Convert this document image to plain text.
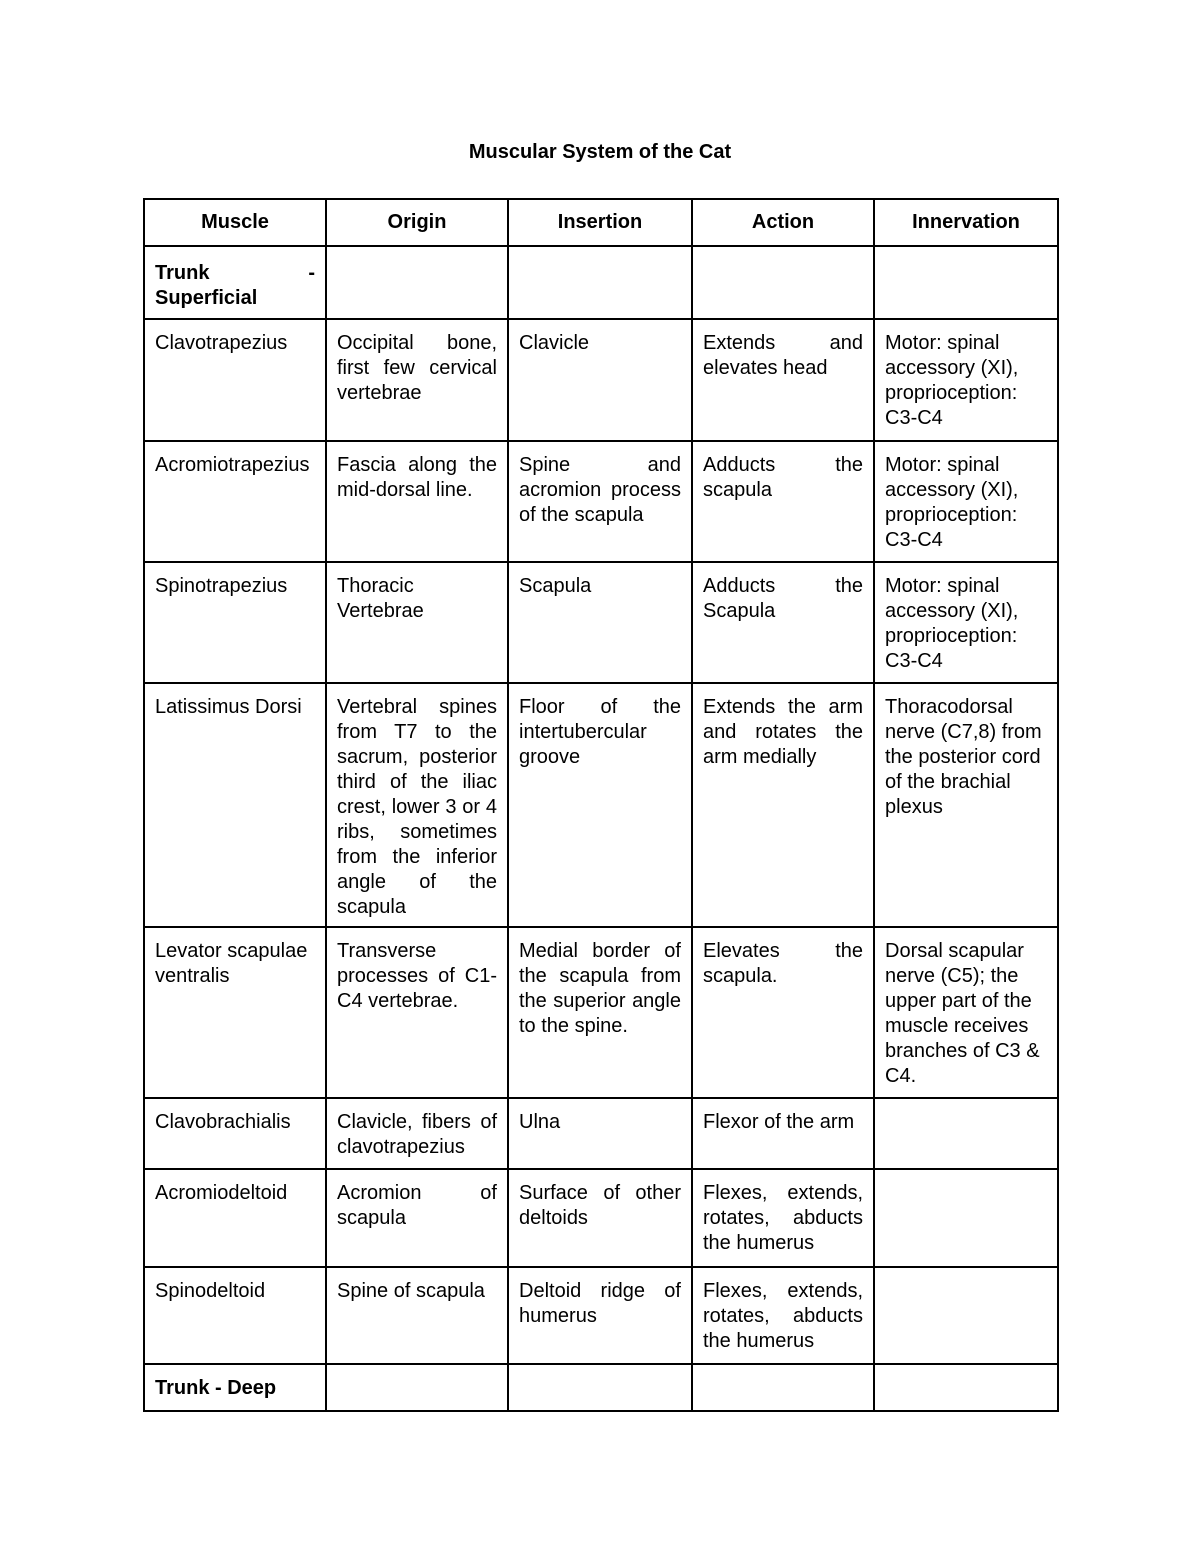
Muscular System of the Cat
Muscle	Origin	Insertion	Action	Innervation

Trunk -
Superficial				

Clavotrapezius	Occipital bone, first few cervical vertebrae	Clavicle	Extends and elevates head	Motor: spinal accessory (XI), proprioception: C3-C4
Acromiotrapezius	Fascia along the mid-dorsal line.	Spine and acromion process of the scapula	Adducts the scapula	Motor: spinal accessory (XI), proprioception: C3-C4
Spinotrapezius	Thoracic Vertebrae	Scapula	Adducts the Scapula	Motor: spinal accessory (XI), proprioception: C3-C4
Latissimus Dorsi	Vertebral spines from T7 to the sacrum, posterior third of the iliac crest, lower 3 or 4 ribs, sometimes from the inferior angle of the scapula	Floor of the intertubercular groove	Extends the arm and rotates the arm medially	Thoracodorsal nerve (C7,8) from the posterior cord of the brachial plexus
Levator scapulae ventralis	Transverse processes of C1-C4 vertebrae.	Medial border of the scapula from the superior angle to the spine.	Elevates the scapula.	Dorsal scapular nerve (C5); the upper part of the muscle receives branches of C3 & C4.
Clavobrachialis	Clavicle, fibers of clavotrapezius	Ulna	Flexor of the arm	
Acromiodeltoid	Acromion of scapula	Surface of other deltoids	Flexes, extends, rotates, abducts the humerus	
Spinodeltoid	Spine of scapula	Deltoid ridge of humerus	Flexes, extends, rotates, abducts the humerus	
Trunk - Deep				
